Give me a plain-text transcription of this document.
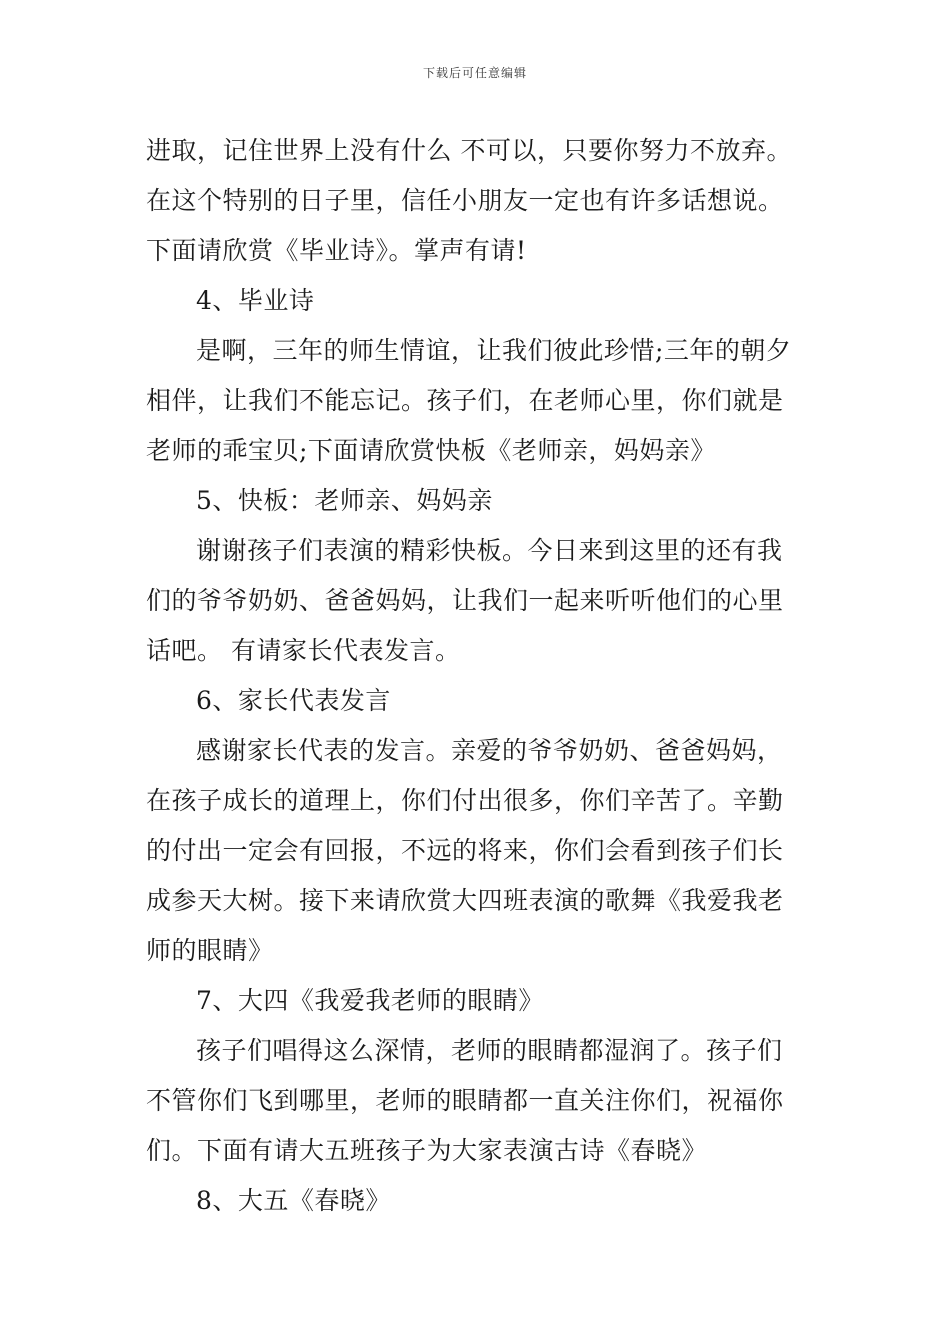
下载后可任意编辑
进取，记住世界上没有什么 不可以，只要你努力不放弃。
在这个特别的日子里，信任小朋友一定也有许多话想说。
下面请欣赏《毕业诗》。掌声有请!
4、毕业诗
是啊，三年的师生情谊，让我们彼此珍惜;三年的朝夕
相伴，让我们不能忘记。孩子们，在老师心里，你们就是
老师的乖宝贝;下面请欣赏快板《老师亲，妈妈亲》
5、快板：老师亲、妈妈亲
谢谢孩子们表演的精彩快板。今日来到这里的还有我
们的爷爷奶奶、爸爸妈妈，让我们一起来听听他们的心里
话吧。 有请家长代表发言。
6、家长代表发言
感谢家长代表的发言。亲爱的爷爷奶奶、爸爸妈妈，
在孩子成长的道理上，你们付出很多，你们辛苦了。辛勤
的付出一定会有回报，不远的将来，你们会看到孩子们长
成参天大树。接下来请欣赏大四班表演的歌舞《我爱我老
师的眼睛》
7、大四《我爱我老师的眼睛》
孩子们唱得这么深情，老师的眼睛都湿润了。孩子们
不管你们飞到哪里，老师的眼睛都一直关注你们，祝福你
们。下面有请大五班孩子为大家表演古诗《春晓》
8、大五《春晓》
